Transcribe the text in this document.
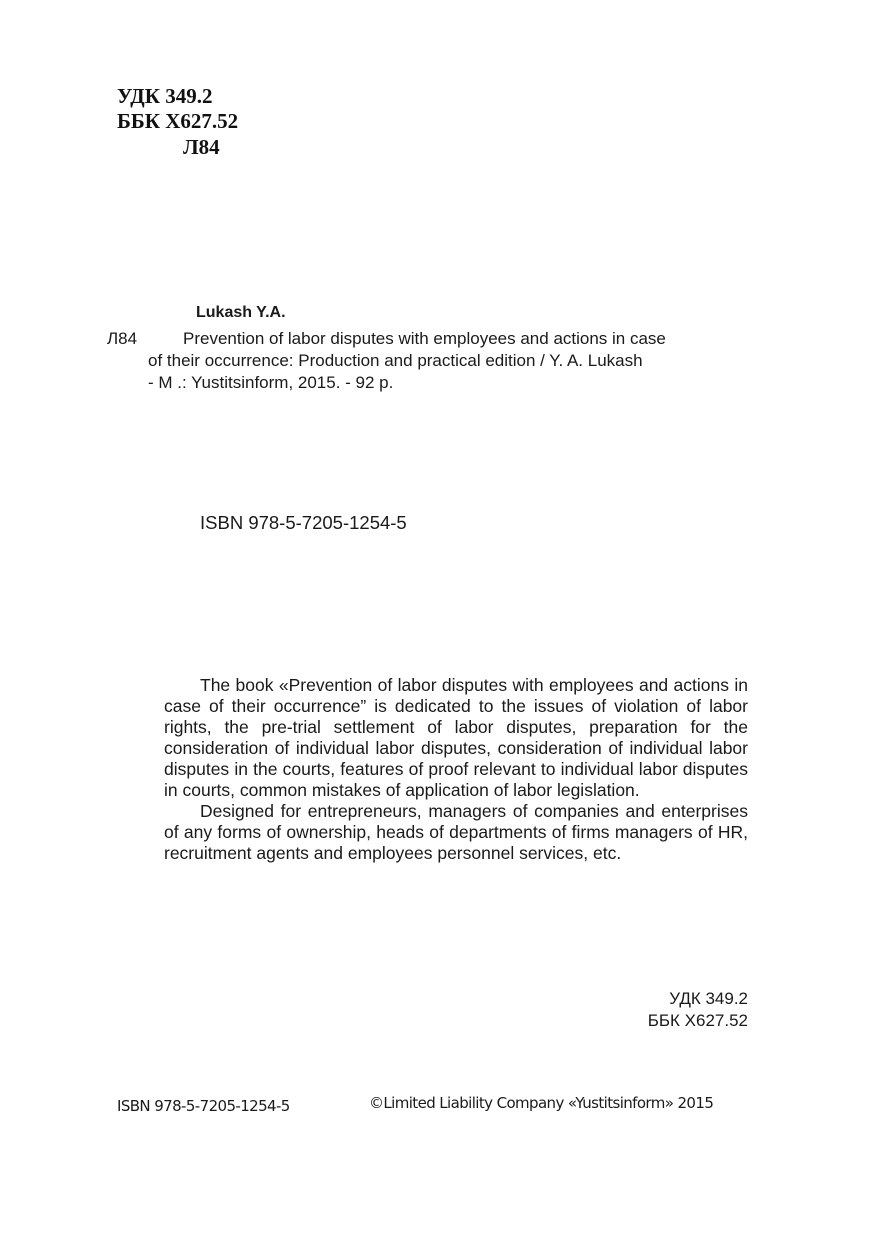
УДК 349.2
ББК Х627.52
Л84
Lukash Y.A.
Л84	Prevention of labor disputes with employees and actions in case
of their occurrence: Production and practical edition / Y. A. Lukash
- M .: Yustitsinform, 2015. - 92 p.
ISBN 978-5-7205-1254-5

The book «Prevention of labor disputes with employees and actions in case of their occurrence” is dedicated to the issues of violation of labor rights, the pre-trial settlement of labor disputes, preparation for the consideration of individual labor disputes, consideration of individual labor disputes in the courts, features of proof relevant to individual labor disputes in courts, common mistakes of application of labor legislation.

Designed for entrepreneurs, managers of companies and enterprises of any forms of ownership, heads of departments of firms managers of HR, recruitment agents and employees personnel services, etc.

УДК 349.2
ББК Х627.52
ISBN 978-5-7205-1254-5	©Limited Liability Company «Yustitsinform» 2015
